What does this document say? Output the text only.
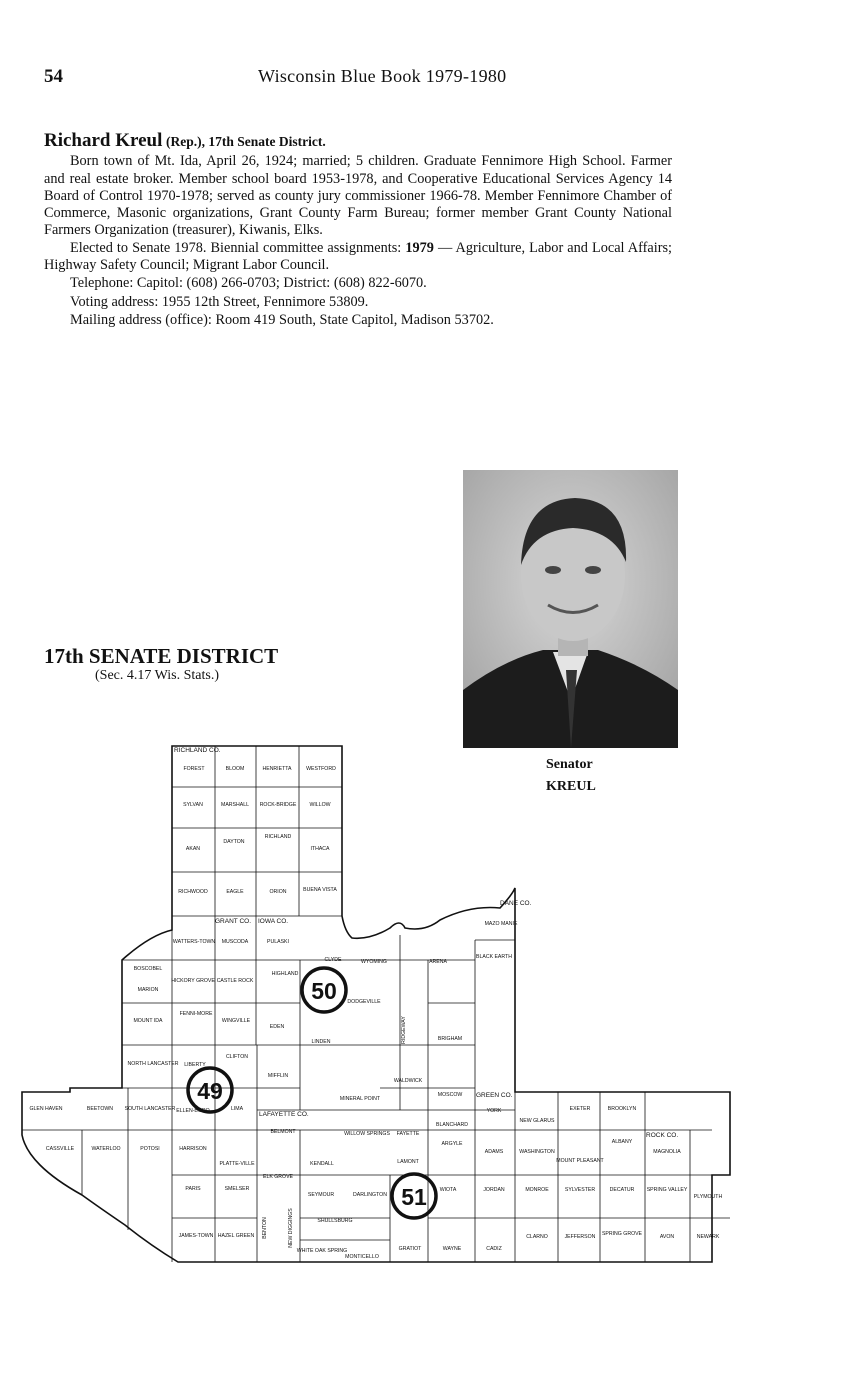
54	Wisconsin Blue Book 1979-1980
Richard Kreul (Rep.), 17th Senate District.

Born town of Mt. Ida, April 26, 1924; married; 5 children. Graduate Fennimore High School. Farmer and real estate broker. Member school board 1953-1978, and Cooperative Educational Services Agency 14 Board of Control 1970-1978; served as county jury commissioner 1966-78. Member Fennimore Chamber of Commerce, Masonic organizations, Grant County Farm Bureau; former member Grant County National Farmers Organization (treasurer), Kiwanis, Elks.

Elected to Senate 1978. Biennial committee assignments: 1979 — Agriculture, Labor and Local Affairs; Highway Safety Council; Migrant Labor Council.

Telephone: Capitol: (608) 266-0703; District: (608) 822-6070.

Voting address: 1955 12th Street, Fennimore 53809.

Mailing address (office): Room 419 South, State Capitol, Madison 53702.

Senator
KREUL
17th SENATE DISTRICT
(Sec. 4.17 Wis. Stats.)
50
49
51
RICHLAND CO.
GRANT CO. IOWA CO.
DANE CO.
LAFAYETTE CO.
GREEN CO.
ROCK CO.
FOREST	BLOOM	HENRIETTA	WESTFORD
SYLVAN	MARSHALL ROCK-BRIDGE	WILLOW
AKAN
DAYTON
RICHLAND
ITHACA
RICHWOOD	EAGLE	ORION	BUENA VISTA
WATTERS-TOWN MUSCODA	PULASKI
CLYDE	WYOMING	ARENA
MAZO MANIE
BLACK EARTH
BOSCOBEL
MARION
HICKORY GROVE CASTLE ROCK
HIGHLAND
DODGEVILLE
RIDGEWAY
MOUNT IDA
FENNI-MORE
WINGVILLE
EDEN
LINDEN	BRIGHAM
NORTH LANCASTER LIBERTY
CLIFTON
MIFFLIN
MINERAL POINT
WALDWICK
MOSCOW
GLEN HAVEN	BEETOWN SOUTH LANCASTER ELLEN-BORO	LIMA
BELMONT	WILLOW SPRINGS FAYETTE
BLANCHARD
YORK
NEW GLARUS
EXETER	BROOKLYN
CASSVILLE	WATERLOO	POTOSI	HARRISON
PLATTE-VILLE	KENDALL	LAMONT
ARGYLE
ADAMS	WASHINGTON
MOUNT PLEASANT
ALBANY
MAGNOLIA
PARIS	SMELSER
ELK GROVE
SEYMOUR	DARLINGTON
WIOTA	JORDAN	MONROE	SYLVESTER	DECATUR SPRING VALLEY
PLYMOUTH
JAMES-TOWN HAZEL GREEN BENTON	NEW DIGGINGS	SHULLSBURG
WHITE OAK SPRING
MONTICELLO
GRATIOT	WAYNE	CADIZ
CLARNO	JEFFERSON SPRING GROVE	AVON	NEWARK
